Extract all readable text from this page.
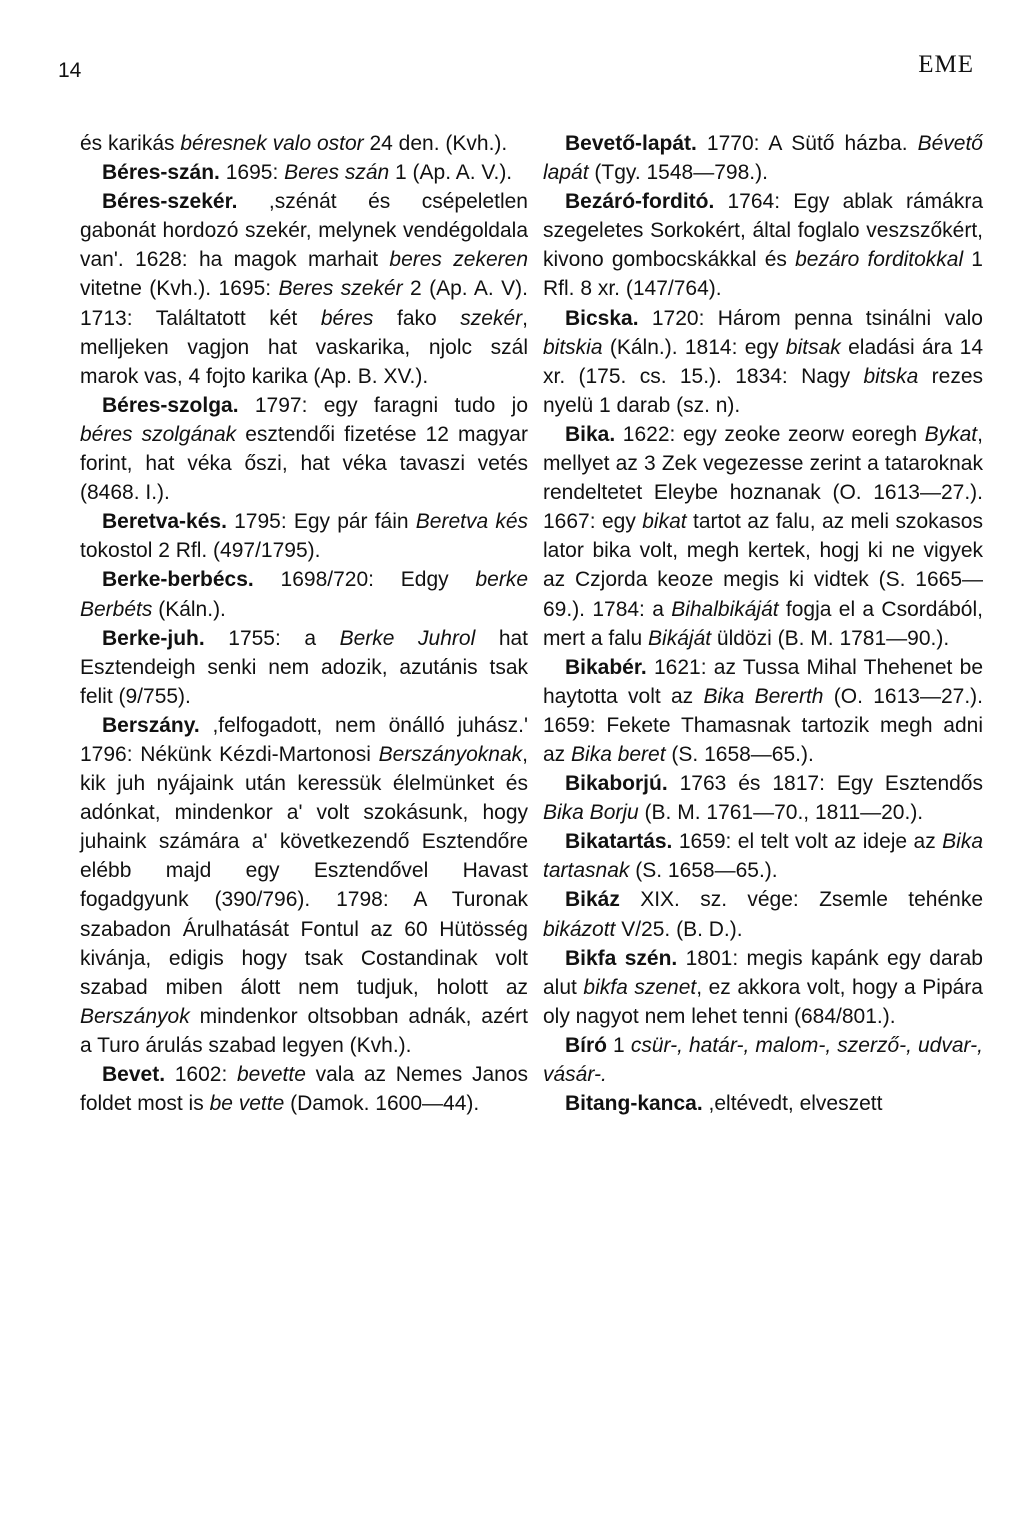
14	EME

és karikás béresnek valo ostor 24 den. (Kvh.).

Béres-szán. 1695: Beres szán 1 (Ap. A. V.).

Béres-szekér. ,szénát és csépeletlen gabonát hordozó szekér, melynek vendégoldala van'. 1628: ha magok marhait beres zekeren vitetne (Kvh.). 1695: Beres szekér 2 (Ap. A. V). 1713: Találtatott két béres fako szekér, melljeken vagjon hat vaskarika, njolc szál marok vas, 4 fojto karika (Ap. B. XV.).

Béres-szolga. 1797: egy faragni tudo jo béres szolgának esztendői fizetése 12 magyar forint, hat véka őszi, hat véka tavaszi vetés (8468. I.).

Beretva-kés. 1795: Egy pár fáin Beretva kés tokostol 2 Rfl. (497/1795).

Berke-berbécs. 1698/720: Edgy berke Berbéts (Káln.).

Berke-juh. 1755: a Berke Juhrol hat Esztendeigh senki nem adozik, azutánis tsak felit (9/755).

Berszány. ,felfogadott, nem önálló juhász.' 1796: Nékünk Kézdi-Martonosi Berszányoknak, kik juh nyájaink után keressük élelmünket és adónkat, mindenkor a' volt szokásunk, hogy juhaink számára a' következendő Esztendőre elébb majd egy Esztendővel Havast fogadgyunk (390/796). 1798: A Turonak szabadon Árulhatását Fontul az 60 Hütösség kivánja, edigis hogy tsak Costandinak volt szabad miben álott nem tudjuk, holott az Berszányok mindenkor oltsobban adnák, azért a Turo árulás szabad legyen (Kvh.).

Bevet. 1602: bevette vala az Nemes Janos foldet most is be vette (Damok. 1600—44).

Bevető-lapát. 1770: A Sütő házba. Bévető lapát (Tgy. 1548—798.).

Bezáró-forditó. 1764: Egy ablak rámákra szegeletes Sorkokért, által foglalo veszszőkért, kivono gombocskákkal és bezáro forditokkal 1 Rfl. 8 xr. (147/764).

Bicska. 1720: Három penna tsinálni valo bitskia (Káln.). 1814: egy bitsak eladási ára 14 xr. (175. cs. 15.). 1834: Nagy bitska rezes nyelü 1 darab (sz. n).

Bika. 1622: egy zeoke zeorw eoregh Bykat, mellyet az 3 Zek vegezesse zerint a tataroknak rendeltetet Eleybe hoznanak (O. 1613—27.). 1667: egy bikat tartot az falu, az meli szokasos lator bika volt, megh kertek, hogj ki ne vigyek az Czjorda keoze megis ki vidtek (S. 1665—69.). 1784: a Bihalbikáját fogja el a Csordából, mert a falu Bikáját üldözi (B. M. 1781—90.).

Bikabér. 1621: az Tussa Mihal Thehenet be haytotta volt az Bika Bererth (O. 1613—27.). 1659: Fekete Thamasnak tartozik megh adni az Bika beret (S. 1658—65.).

Bikaborjú. 1763 és 1817: Egy Esztendős Bika Borju (B. M. 1761—70., 1811—20.).

Bikatartás. 1659: el telt volt az ideje az Bika tartasnak (S. 1658—65.).

Bikáz XIX. sz. vége: Zsemle tehénke bikázott V/25. (B. D.).

Bikfa szén. 1801: megis kapánk egy darab alut bikfa szenet, ez akkora volt, hogy a Pipára oly nagyot nem lehet tenni (684/801.).

Bíró 1 csür-, határ-, malom-, szerző-, udvar-, vásár-.

Bitang-kanca. ,eltévedt, elveszett
